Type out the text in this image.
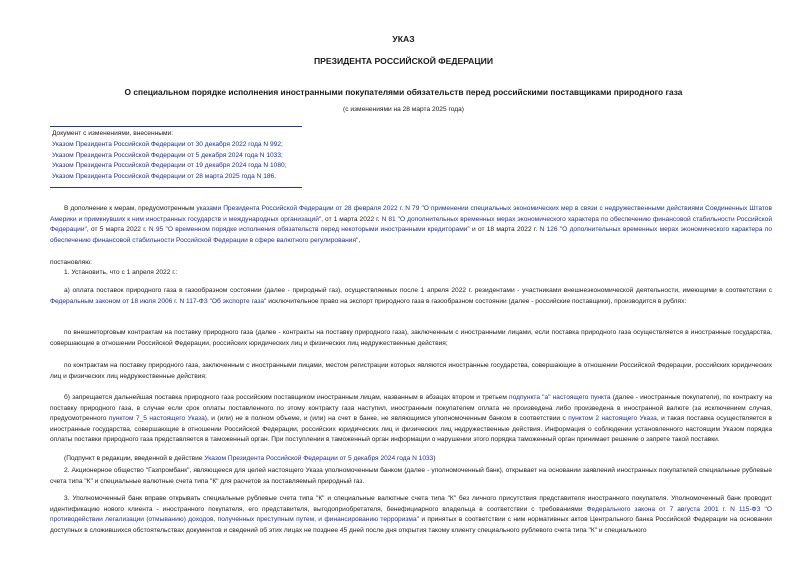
УКАЗ
ПРЕЗИДЕНТА РОССИЙСКОЙ ФЕДЕРАЦИИ
О специальном порядке исполнения иностранными покупателями обязательств перед российскими поставщиками природного газа
(с изменениями на 28 марта 2025 года)
Документ с изменениями, внесенными:
Указом Президента Российской Федерации от 30 декабря 2022 года N 992;
Указом Президента Российской Федерации от 5 декабря 2024 года N 1033;
Указом Президента Российской Федерации от 19 декабря 2024 года N 1080;
Указом Президента Российской Федерации от 28 марта 2025 года N 186.
В дополнение к мерам, предусмотренным указами Президента Российской Федерации от 28 февраля 2022 г. N 79 "О применении специальных экономических мер в связи с недружественными действиями Соединенных Штатов Америки и примкнувших к ним иностранных государств и международных организаций", от 1 марта 2022 г. N 81 "О дополнительных временных мерах экономического характера по обеспечению финансовой стабильности Российской Федерации", от 5 марта 2022 г. N 95 "О временном порядке исполнения обязательств перед некоторыми иностранными кредиторами" и от 18 марта 2022 г. N 126 "О дополнительных временных мерах экономического характера по обеспечению финансовой стабильности Российской Федерации в сфере валютного регулирования",
постановляю:
1. Установить, что с 1 апреля 2022 г.:
а) оплата поставок природного газа в газообразном состоянии (далее - природный газ), осуществляемых после 1 апреля 2022 г. резидентами - участниками внешнеэкономической деятельности, имеющими в соответствии с Федеральным законом от 18 июля 2006 г. N 117-ФЗ "Об экспорте газа" исключительное право на экспорт природного газа в газообразном состоянии (далее - российские поставщики), производится в рублях:
по внешнеторговым контрактам на поставку природного газа (далее - контракты на поставку природного газа), заключенным с иностранными лицами, если поставка природного газа осуществляется в иностранные государства, совершающие в отношении Российской Федерации, российских юридических лиц и физических лиц недружественные действия;
по контрактам на поставку природного газа, заключенным с иностранными лицами, местом регистрации которых являются иностранные государства, совершающие в отношении Российской Федерации, российских юридических лиц и физических лиц недружественные действия;
б) запрещается дальнейшая поставка природного газа российским поставщиком иностранным лицам, названным в абзацах втором и третьем подпункта "а" настоящего пункта (далее - иностранные покупатели), по контракту на поставку природного газа, в случае если срок оплаты поставленного по этому контракту газа наступил, иностранным покупателем оплата не произведена либо произведена в иностранной валюте (за исключением случая, предусмотренного пунктом 7_5 настоящего Указа), и (или) не в полном объеме, и (или) на счет в банке, не являющимся уполномоченным банком в соответствии с пунктом 2 настоящего Указа, и такая поставка осуществляется в иностранные государства, совершающие в отношении Российской Федерации, российских юридических лиц и физических лиц недружественные действия. Информация о соблюдении установленного настоящим Указом порядка оплаты поставки природного газа представляется в таможенный орган. При поступлении в таможенный орган информации о нарушении этого порядка таможенный орган принимает решение о запрете такой поставки.
(Подпункт в редакции, введенной в действие Указом Президента Российской Федерации от 5 декабря 2024 года N 1033)
2. Акционерное общество "Газпромбанк", являющееся для целей настоящего Указа уполномоченным банком (далее - уполномоченный банк), открывает на основании заявлений иностранных покупателей специальные рублевые счета типа "К" и специальные валютные счета типа "К" для расчетов за поставляемый природный газ.
3. Уполномоченный банк вправе открывать специальные рублевые счета типа "К" и специальные валютные счета типа "К" без личного присутствия представителя иностранного покупателя. Уполномоченный банк проводит идентификацию нового клиента - иностранного покупателя, его представителя, выгодоприобретателя, бенефициарного владельца в соответствии с требованиями Федерального закона от 7 августа 2001 г. N 115-ФЗ "О противодействии легализации (отмыванию) доходов, полученных преступным путем, и финансированию терроризма" и принятых в соответствии с ним нормативных актов Центрального банка Российской Федерации на основании доступных в сложившихся обстоятельствах документов и сведений об этих лицах не позднее 45 дней после дня открытия такому клиенту специального рублевого счета типа "К" и специального
